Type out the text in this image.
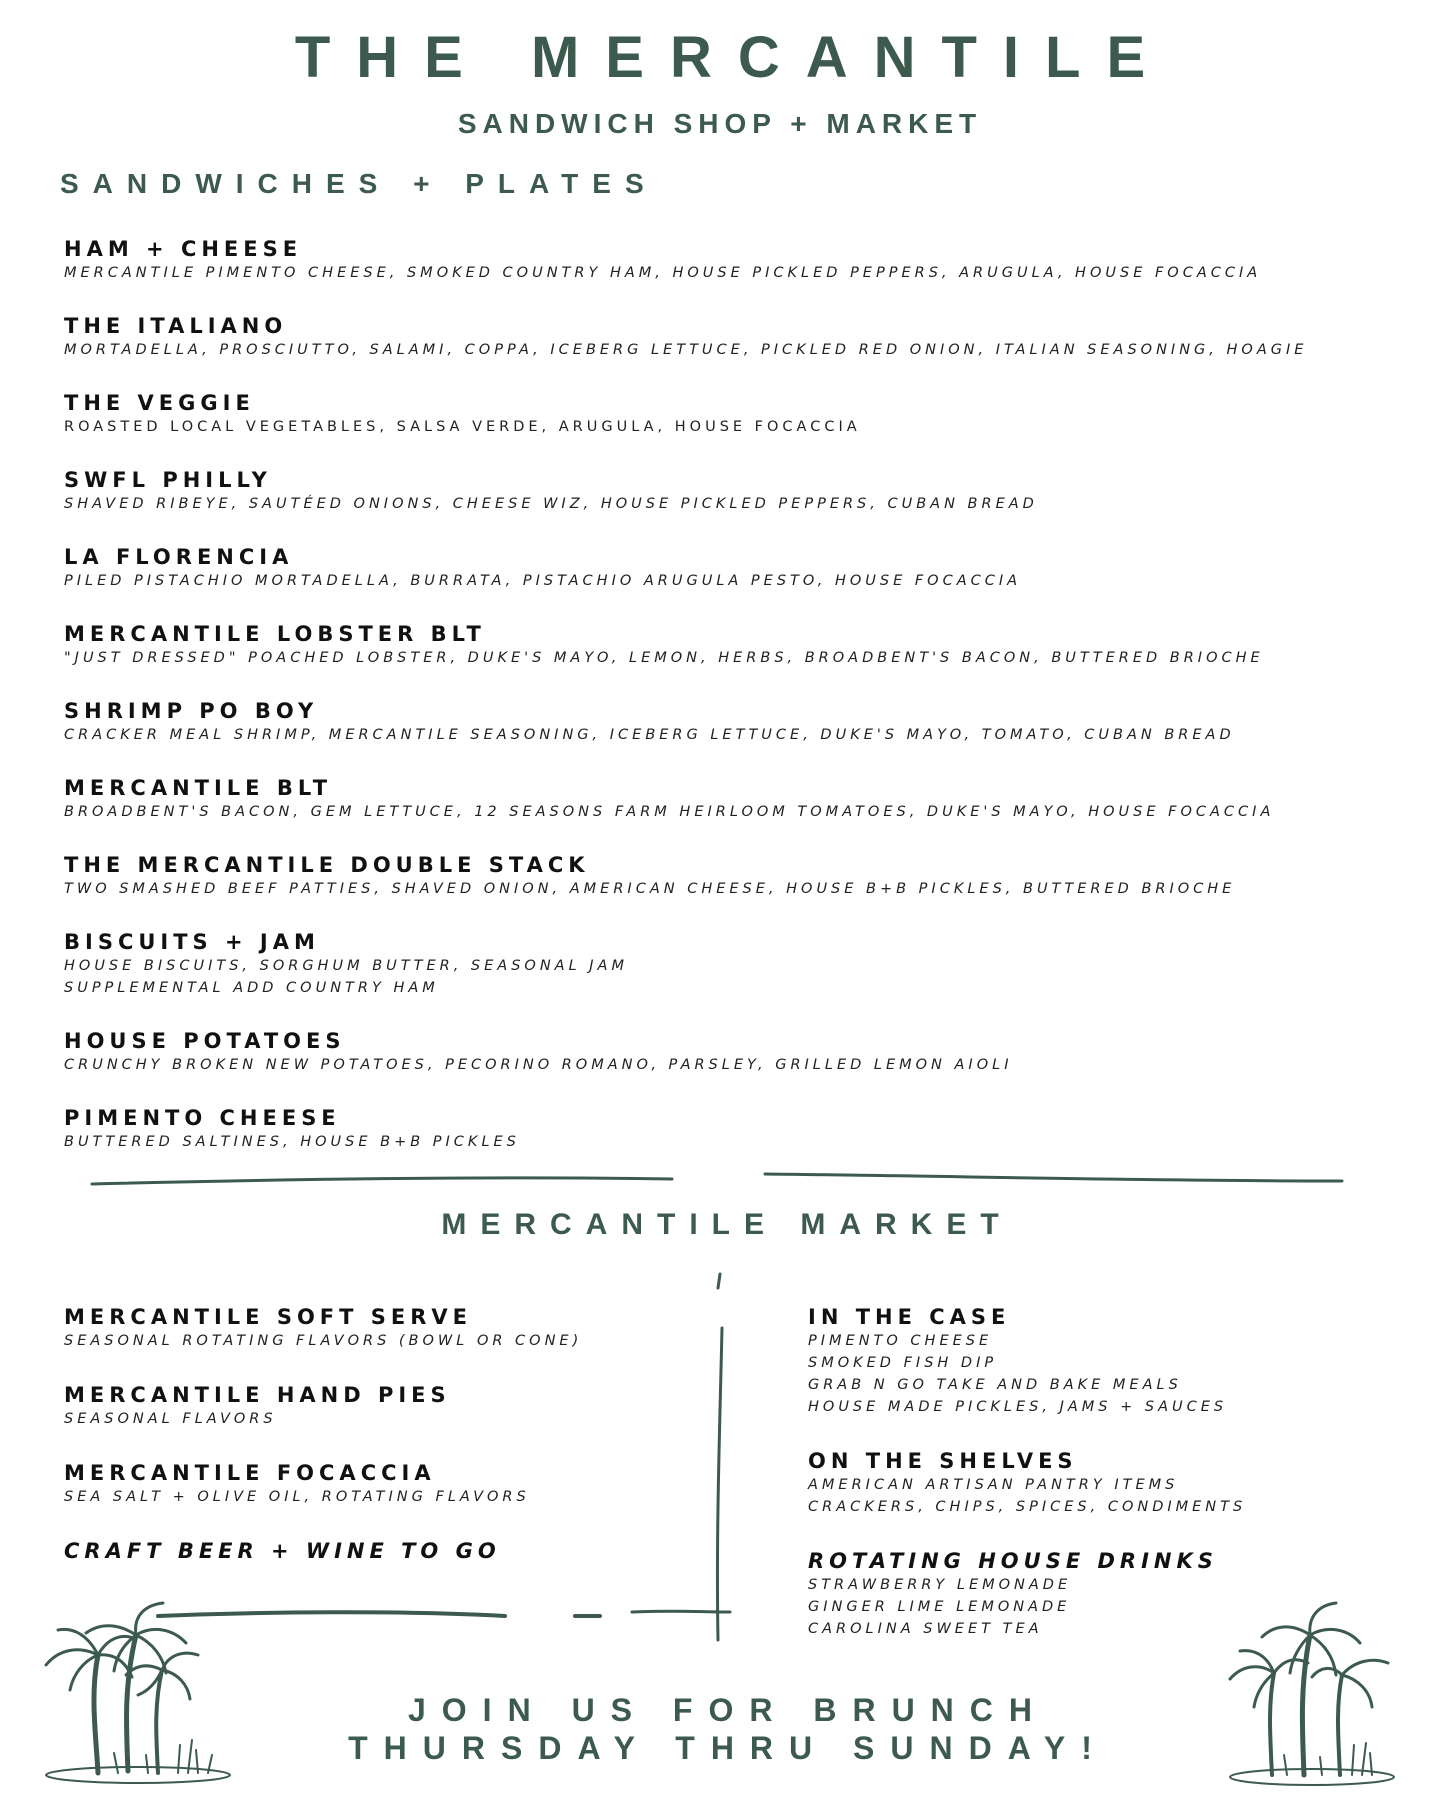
THE MERCANTILE
SANDWICH SHOP + MARKET
SANDWICHES + PLATES
HAM + CHEESE
MERCANTILE PIMENTO CHEESE, SMOKED COUNTRY HAM, HOUSE PICKLED PEPPERS, ARUGULA, HOUSE FOCACCIA
THE ITALIANO
MORTADELLA, PROSCIUTTO, SALAMI, COPPA, ICEBERG LETTUCE, PICKLED RED ONION, ITALIAN SEASONING, HOAGIE
THE VEGGIE
ROASTED LOCAL VEGETABLES, SALSA VERDE, ARUGULA, HOUSE FOCACCIA
SWFL PHILLY
SHAVED RIBEYE, SAUTÉED ONIONS, CHEESE WIZ, HOUSE PICKLED PEPPERS, CUBAN BREAD
LA FLORENCIA
PILED PISTACHIO MORTADELLA, BURRATA, PISTACHIO ARUGULA PESTO, HOUSE FOCACCIA
MERCANTILE LOBSTER BLT
"JUST DRESSED" POACHED LOBSTER, DUKE'S MAYO, LEMON, HERBS, BROADBENT'S BACON, BUTTERED BRIOCHE
SHRIMP PO BOY
CRACKER MEAL SHRIMP, MERCANTILE SEASONING, ICEBERG LETTUCE, DUKE'S MAYO, TOMATO, CUBAN BREAD
MERCANTILE BLT
BROADBENT'S BACON, GEM LETTUCE, 12 SEASONS FARM HEIRLOOM TOMATOES, DUKE'S MAYO, HOUSE FOCACCIA
THE MERCANTILE DOUBLE STACK
TWO SMASHED BEEF PATTIES, SHAVED ONION, AMERICAN CHEESE, HOUSE B+B PICKLES, BUTTERED BRIOCHE
BISCUITS + JAM
HOUSE BISCUITS, SORGHUM BUTTER, SEASONAL JAM
SUPPLEMENTAL ADD COUNTRY HAM
HOUSE POTATOES
CRUNCHY BROKEN NEW POTATOES, PECORINO ROMANO, PARSLEY, GRILLED LEMON AIOLI
PIMENTO CHEESE
BUTTERED SALTINES, HOUSE B+B PICKLES
MERCANTILE MARKET
MERCANTILE SOFT SERVE
SEASONAL ROTATING FLAVORS (BOWL OR CONE)
MERCANTILE HAND PIES
SEASONAL FLAVORS
MERCANTILE FOCACCIA
SEA SALT + OLIVE OIL, ROTATING FLAVORS
CRAFT BEER + WINE TO GO
IN THE CASE
PIMENTO CHEESE
SMOKED FISH DIP
GRAB N GO TAKE AND BAKE MEALS
HOUSE MADE PICKLES, JAMS + SAUCES
ON THE SHELVES
AMERICAN ARTISAN PANTRY ITEMS
CRACKERS, CHIPS, SPICES, CONDIMENTS
ROTATING HOUSE DRINKS
STRAWBERRY LEMONADE
GINGER LIME LEMONADE
CAROLINA SWEET TEA
JOIN US FOR BRUNCH
THURSDAY THRU SUNDAY!
